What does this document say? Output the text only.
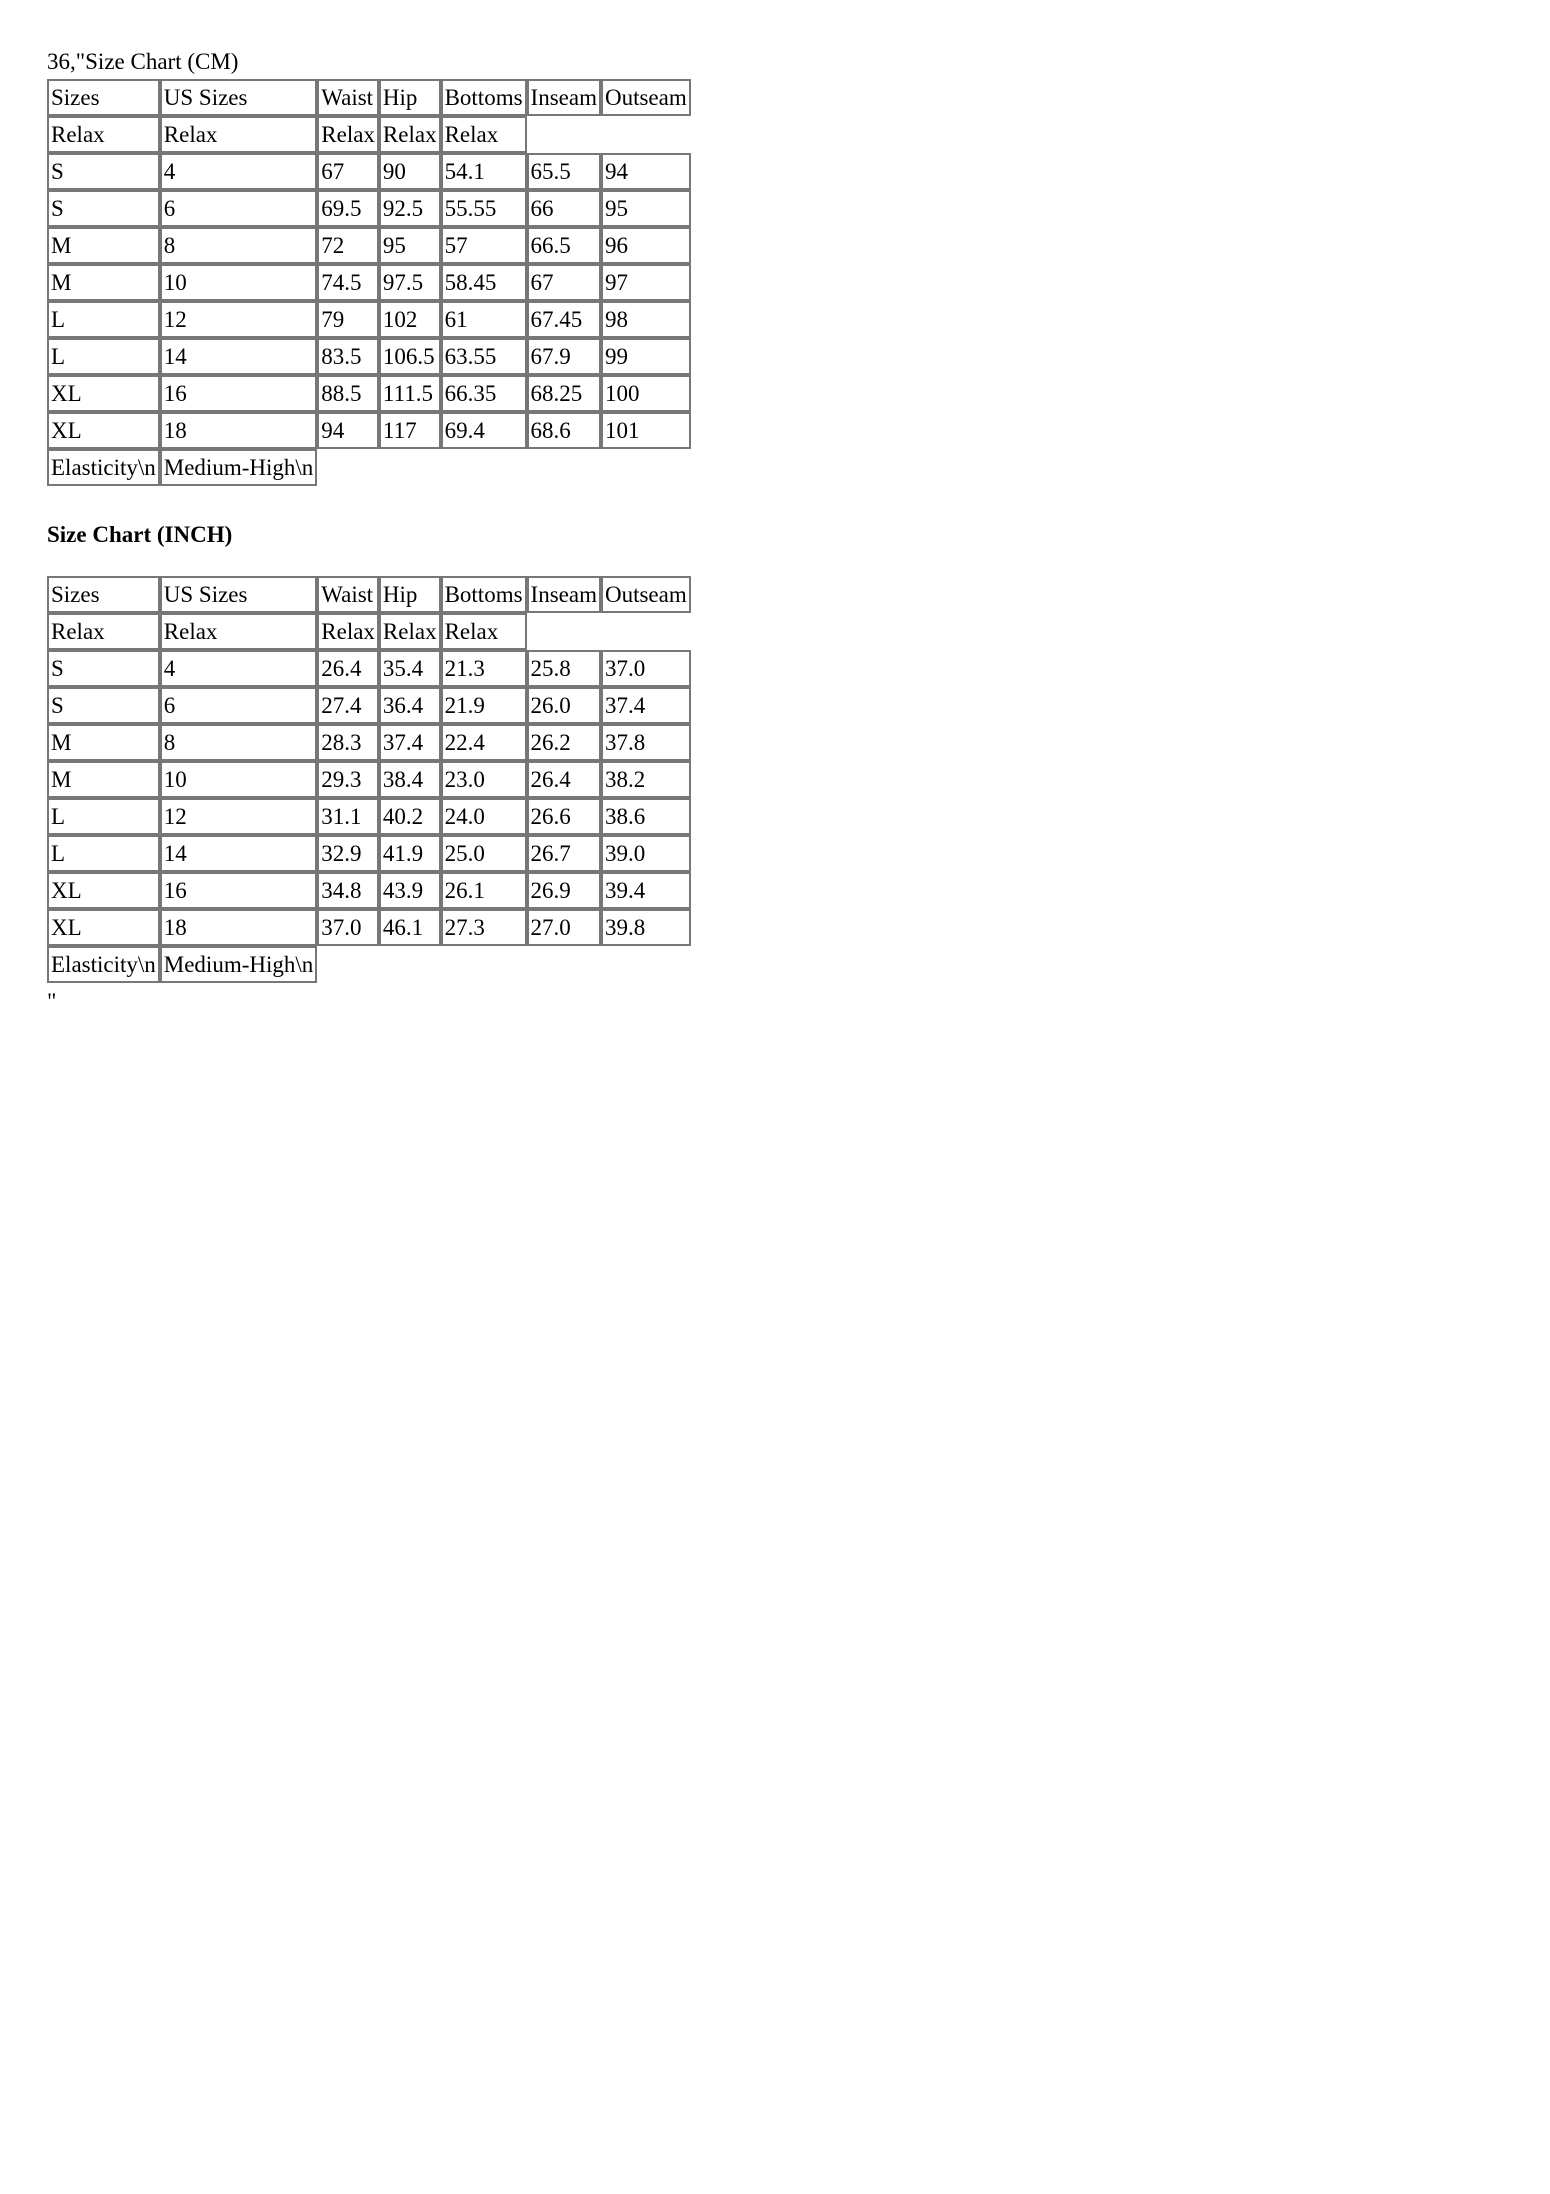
36,"Size Chart (CM)
Sizes	US Sizes	Waist	Hip	Bottoms	Inseam	Outseam
Relax	Relax	Relax	Relax	Relax		
S	4	67	90	54.1	65.5	94
S	6	69.5	92.5	55.55	66	95
M	8	72	95	57	66.5	96
M	10	74.5	97.5	58.45	67	97
L	12	79	102	61	67.45	98
L	14	83.5	106.5	63.55	67.9	99
XL	16	88.5	111.5	66.35	68.25	100
XL	18	94	117	69.4	68.6	101
Elasticity\n	Medium-High\n					
Size Chart (INCH)
Sizes	US Sizes	Waist	Hip	Bottoms	Inseam	Outseam
Relax	Relax	Relax	Relax	Relax		
S	4	26.4	35.4	21.3	25.8	37.0
S	6	27.4	36.4	21.9	26.0	37.4
M	8	28.3	37.4	22.4	26.2	37.8
M	10	29.3	38.4	23.0	26.4	38.2
L	12	31.1	40.2	24.0	26.6	38.6
L	14	32.9	41.9	25.0	26.7	39.0
XL	16	34.8	43.9	26.1	26.9	39.4
XL	18	37.0	46.1	27.3	27.0	39.8
Elasticity\n	Medium-High\n					
"
